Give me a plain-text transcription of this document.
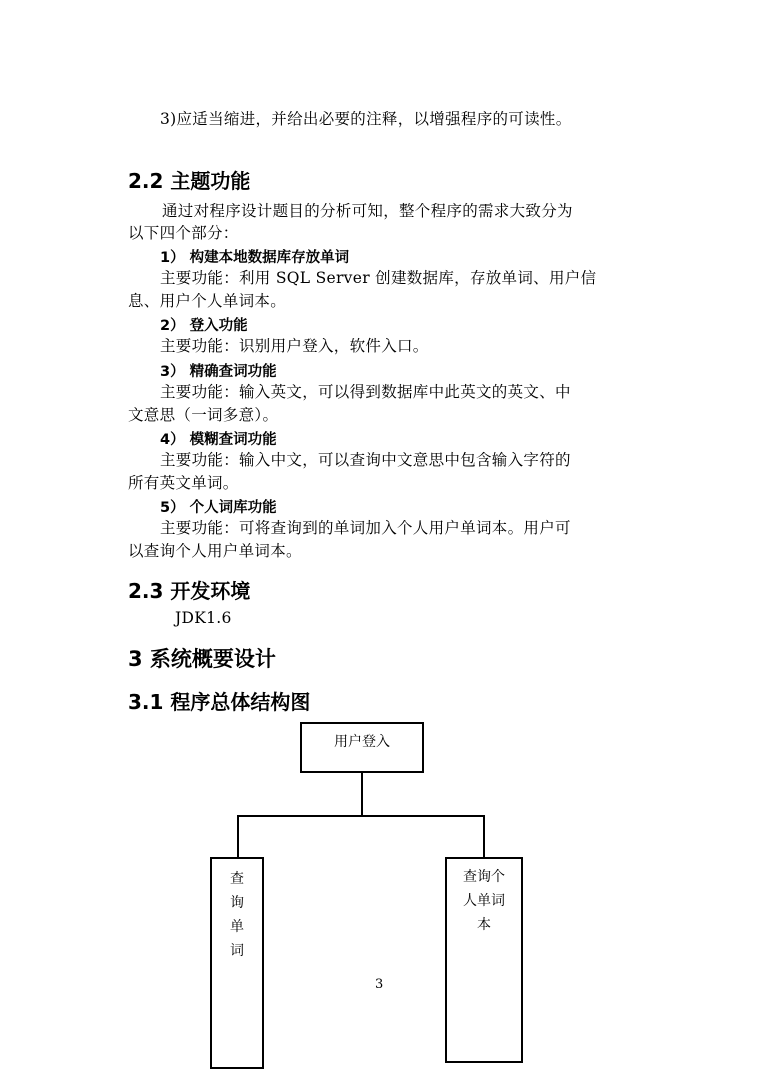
3)应适当缩进，并给出必要的注释，以增强程序的可读性。
2.2 主题功能
通过对程序设计题目的分析可知，整个程序的需求大致分为
以下四个部分：
1） 构建本地数据库存放单词
主要功能：利用 SQL Server 创建数据库，存放单词、用户信
息、用户个人单词本。
2） 登入功能
主要功能：识别用户登入，软件入口。
3） 精确查词功能
主要功能：输入英文，可以得到数据库中此英文的英文、中
文意思（一词多意）。
4） 模糊查词功能
主要功能：输入中文，可以查询中文意思中包含输入字符的
所有英文单词。
5） 个人词库功能
主要功能：可将查询到的单词加入个人用户单词本。用户可
以查询个人用户单词本。
2.3 开发环境
JDK1.6
3 系统概要设计
3.1 程序总体结构图
用户登入
查
询
单
词
查询个
人单词
本
3
